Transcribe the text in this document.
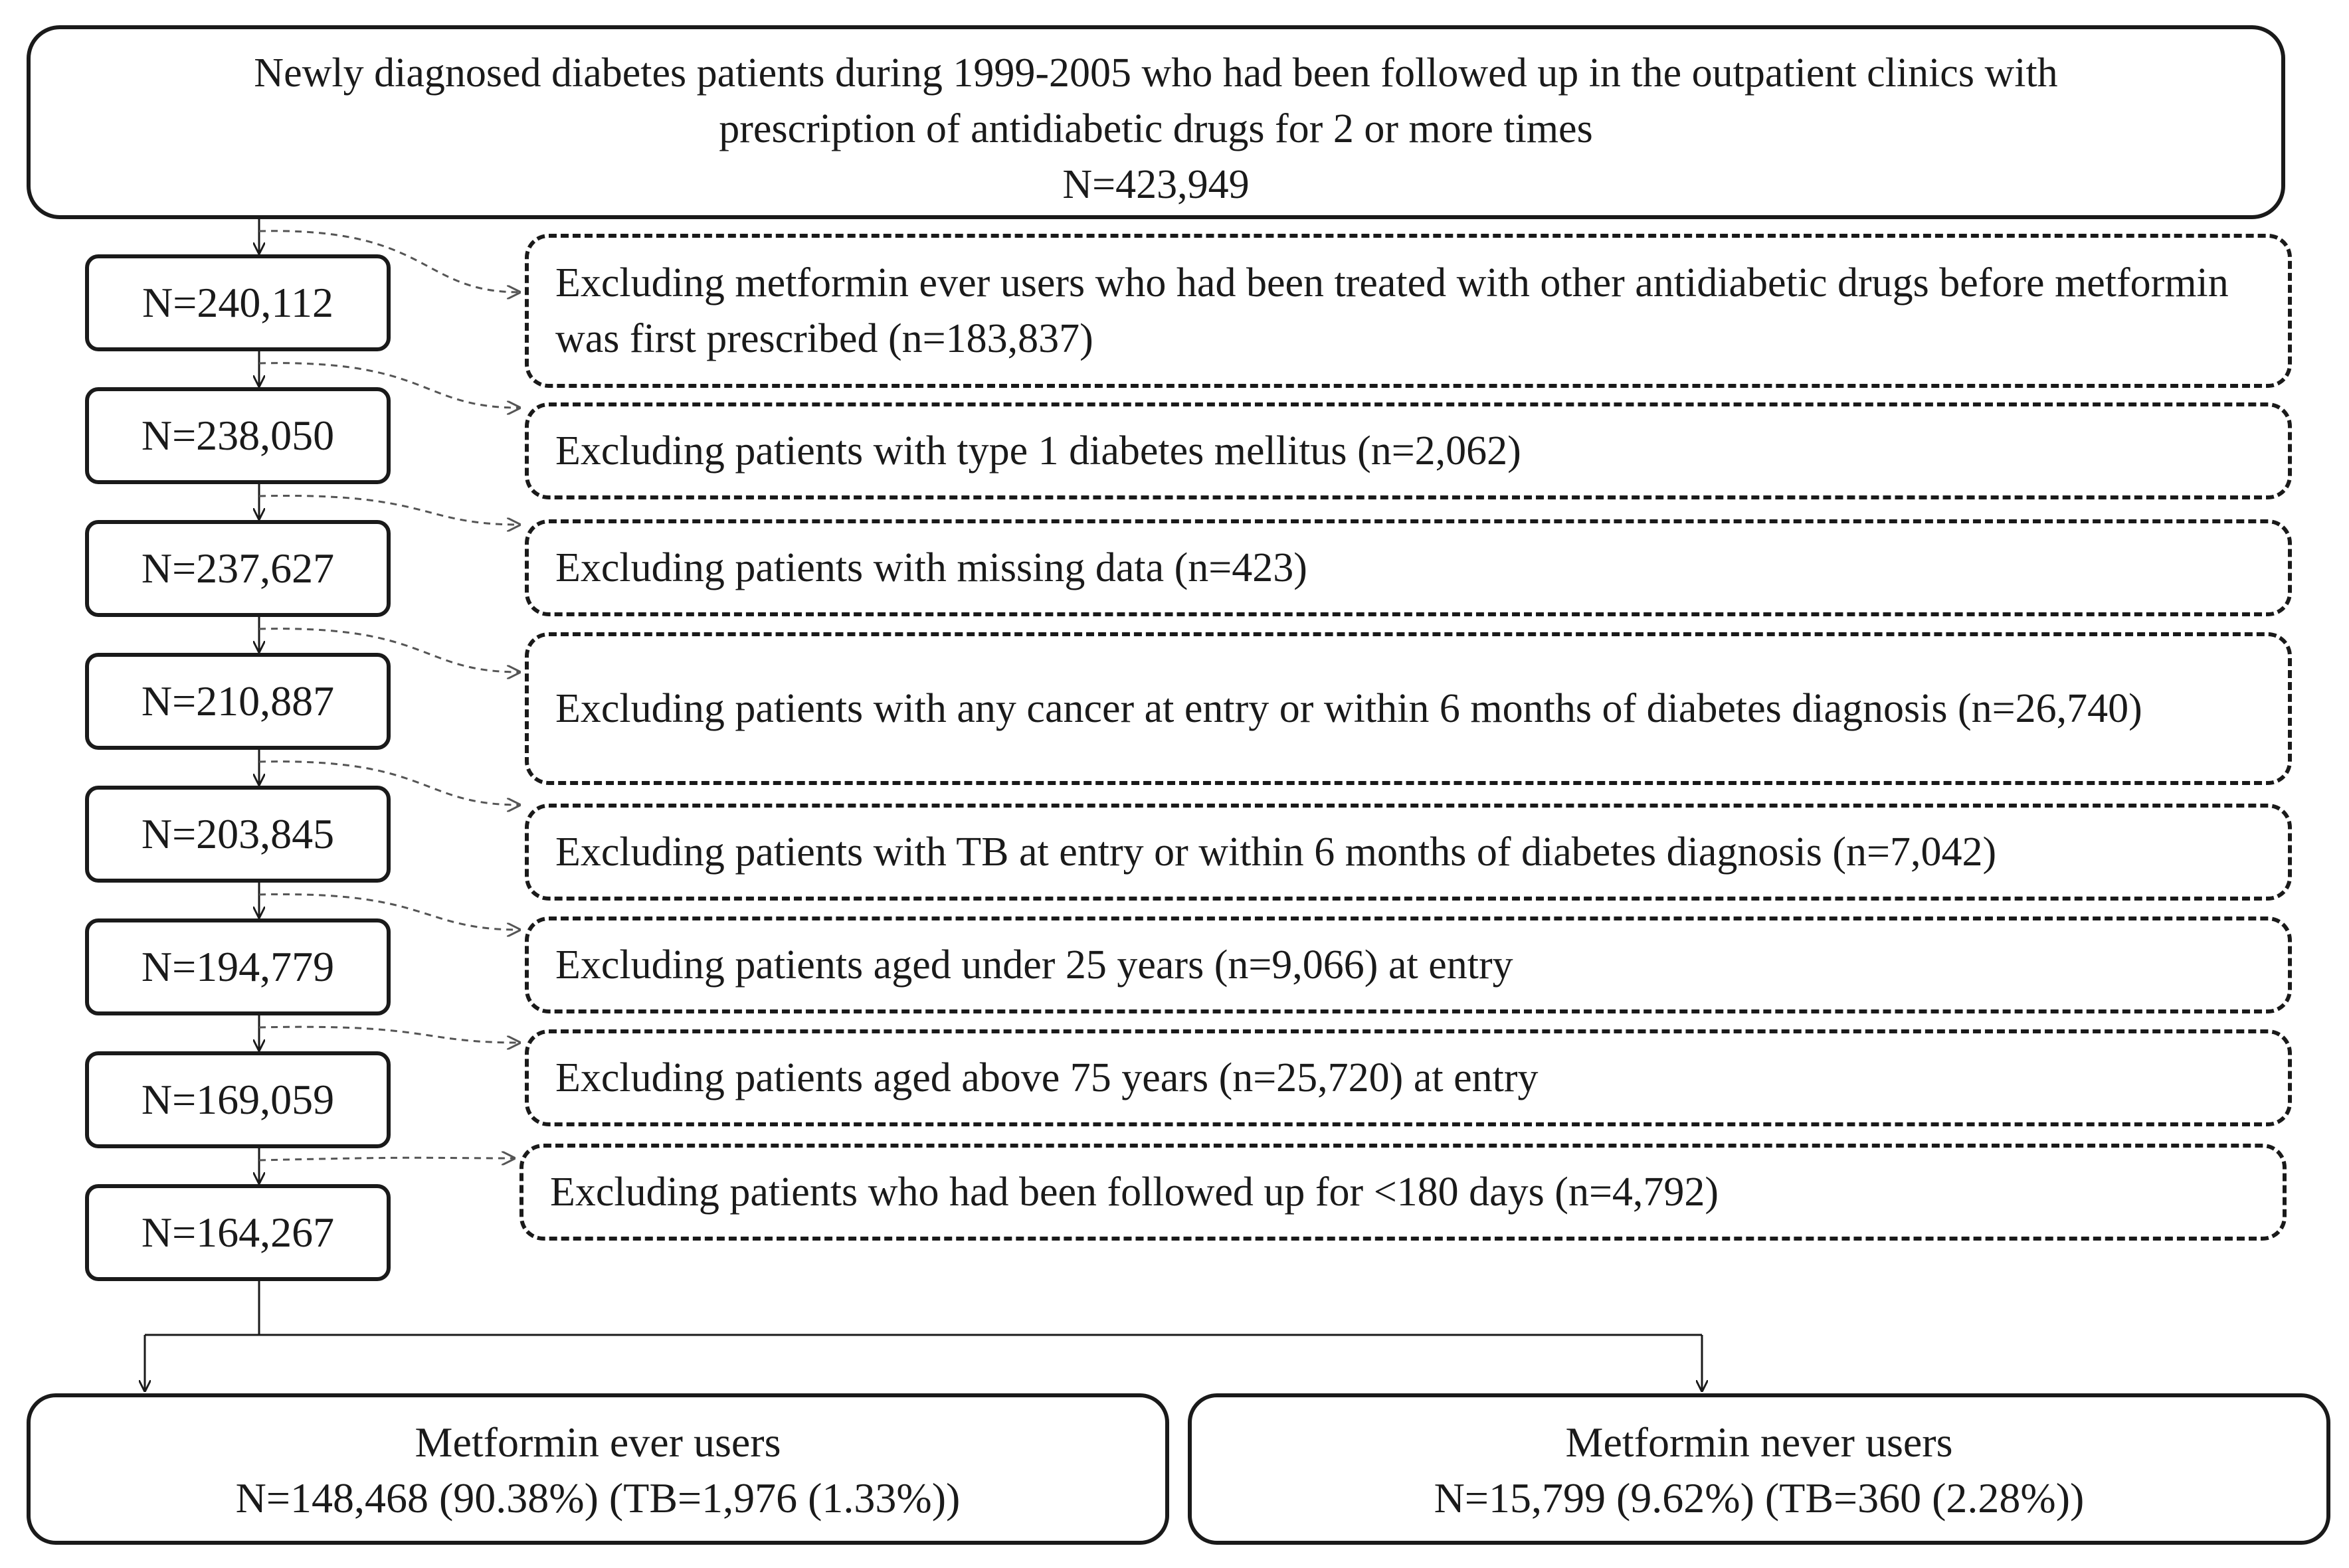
Newly diagnosed diabetes patients during 1999-2005 who had been followed up in the outpatient clinics with
prescription of antidiabetic drugs for 2 or more times
N=423,949
N=240,112
N=238,050
N=237,627
N=210,887
N=203,845
N=194,779
N=169,059
N=164,267
Excluding metformin ever users who had been treated with other antidiabetic drugs before metformin was first prescribed (n=183,837)
Excluding patients with type 1 diabetes mellitus (n=2,062)
Excluding patients with missing data (n=423)
Excluding patients with any cancer at entry or within 6 months of diabetes diagnosis (n=26,740)
Excluding patients with TB at entry or within 6 months of diabetes diagnosis (n=7,042)
Excluding patients aged under 25 years (n=9,066) at entry
Excluding patients aged above 75 years (n=25,720) at entry
Excluding patients who had been followed up for <180 days (n=4,792)
Metformin ever users
N=148,468 (90.38%) (TB=1,976 (1.33%))
Metformin never users
N=15,799 (9.62%) (TB=360 (2.28%))
